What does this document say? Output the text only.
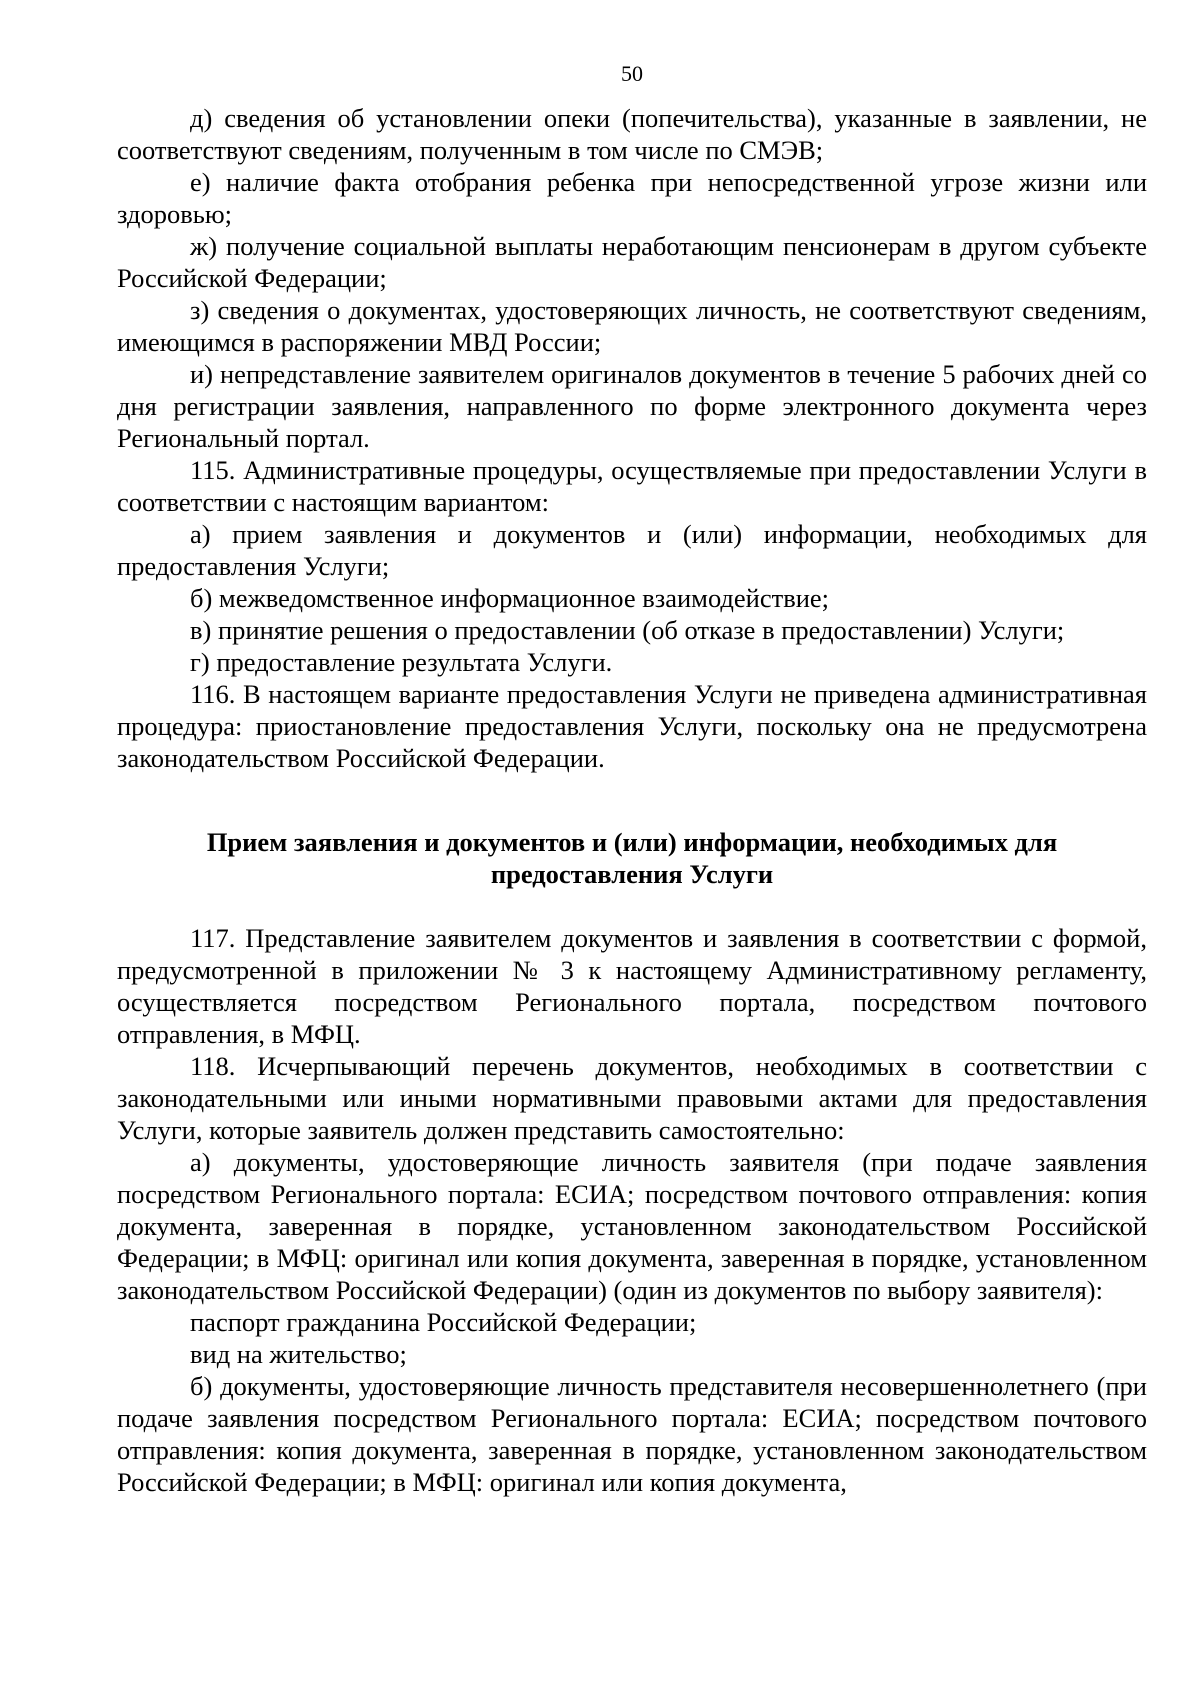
50

д) сведения об установлении опеки (попечительства), указанные в заявлении, не соответствуют сведениям, полученным в том числе по СМЭВ;

е) наличие факта отобрания ребенка при непосредственной угрозе жизни или здоровью;

ж) получение социальной выплаты неработающим пенсионерам в другом субъекте Российской Федерации;

з) сведения о документах, удостоверяющих личность, не соответствуют сведениям, имеющимся в распоряжении МВД России;

и) непредставление заявителем оригиналов документов в течение 5 рабочих дней со дня регистрации заявления, направленного по форме электронного документа через Региональный портал.

115. Административные процедуры, осуществляемые при предоставлении Услуги в соответствии с настоящим вариантом:

а) прием заявления и документов и (или) информации, необходимых для предоставления Услуги;

б) межведомственное информационное взаимодействие;

в) принятие решения о предоставлении (об отказе в предоставлении) Услуги;

г) предоставление результата Услуги.

116. В настоящем варианте предоставления Услуги не приведена административная процедура: приостановление предоставления Услуги, поскольку она не предусмотрена законодательством Российской Федерации.

Прием заявления и документов и (или) информации, необходимых для предоставления Услуги

117. Представление заявителем документов и заявления в соответствии с формой, предусмотренной в приложении № 3 к настоящему Административному регламенту, осуществляется посредством Регионального портала, посредством почтового отправления, в МФЦ.

118. Исчерпывающий перечень документов, необходимых в соответствии с законодательными или иными нормативными правовыми актами для предоставления Услуги, которые заявитель должен представить самостоятельно:

а) документы, удостоверяющие личность заявителя (при подаче заявления посредством Регионального портала: ЕСИА; посредством почтового отправления: копия документа, заверенная в порядке, установленном законодательством Российской Федерации; в МФЦ: оригинал или копия документа, заверенная в порядке, установленном законодательством Российской Федерации) (один из документов по выбору заявителя):

паспорт гражданина Российской Федерации;

вид на жительство;

б) документы, удостоверяющие личность представителя несовершеннолетнего (при подаче заявления посредством Регионального портала: ЕСИА; посредством почтового отправления: копия документа, заверенная в порядке, установленном законодательством Российской Федерации; в МФЦ: оригинал или копия документа,
